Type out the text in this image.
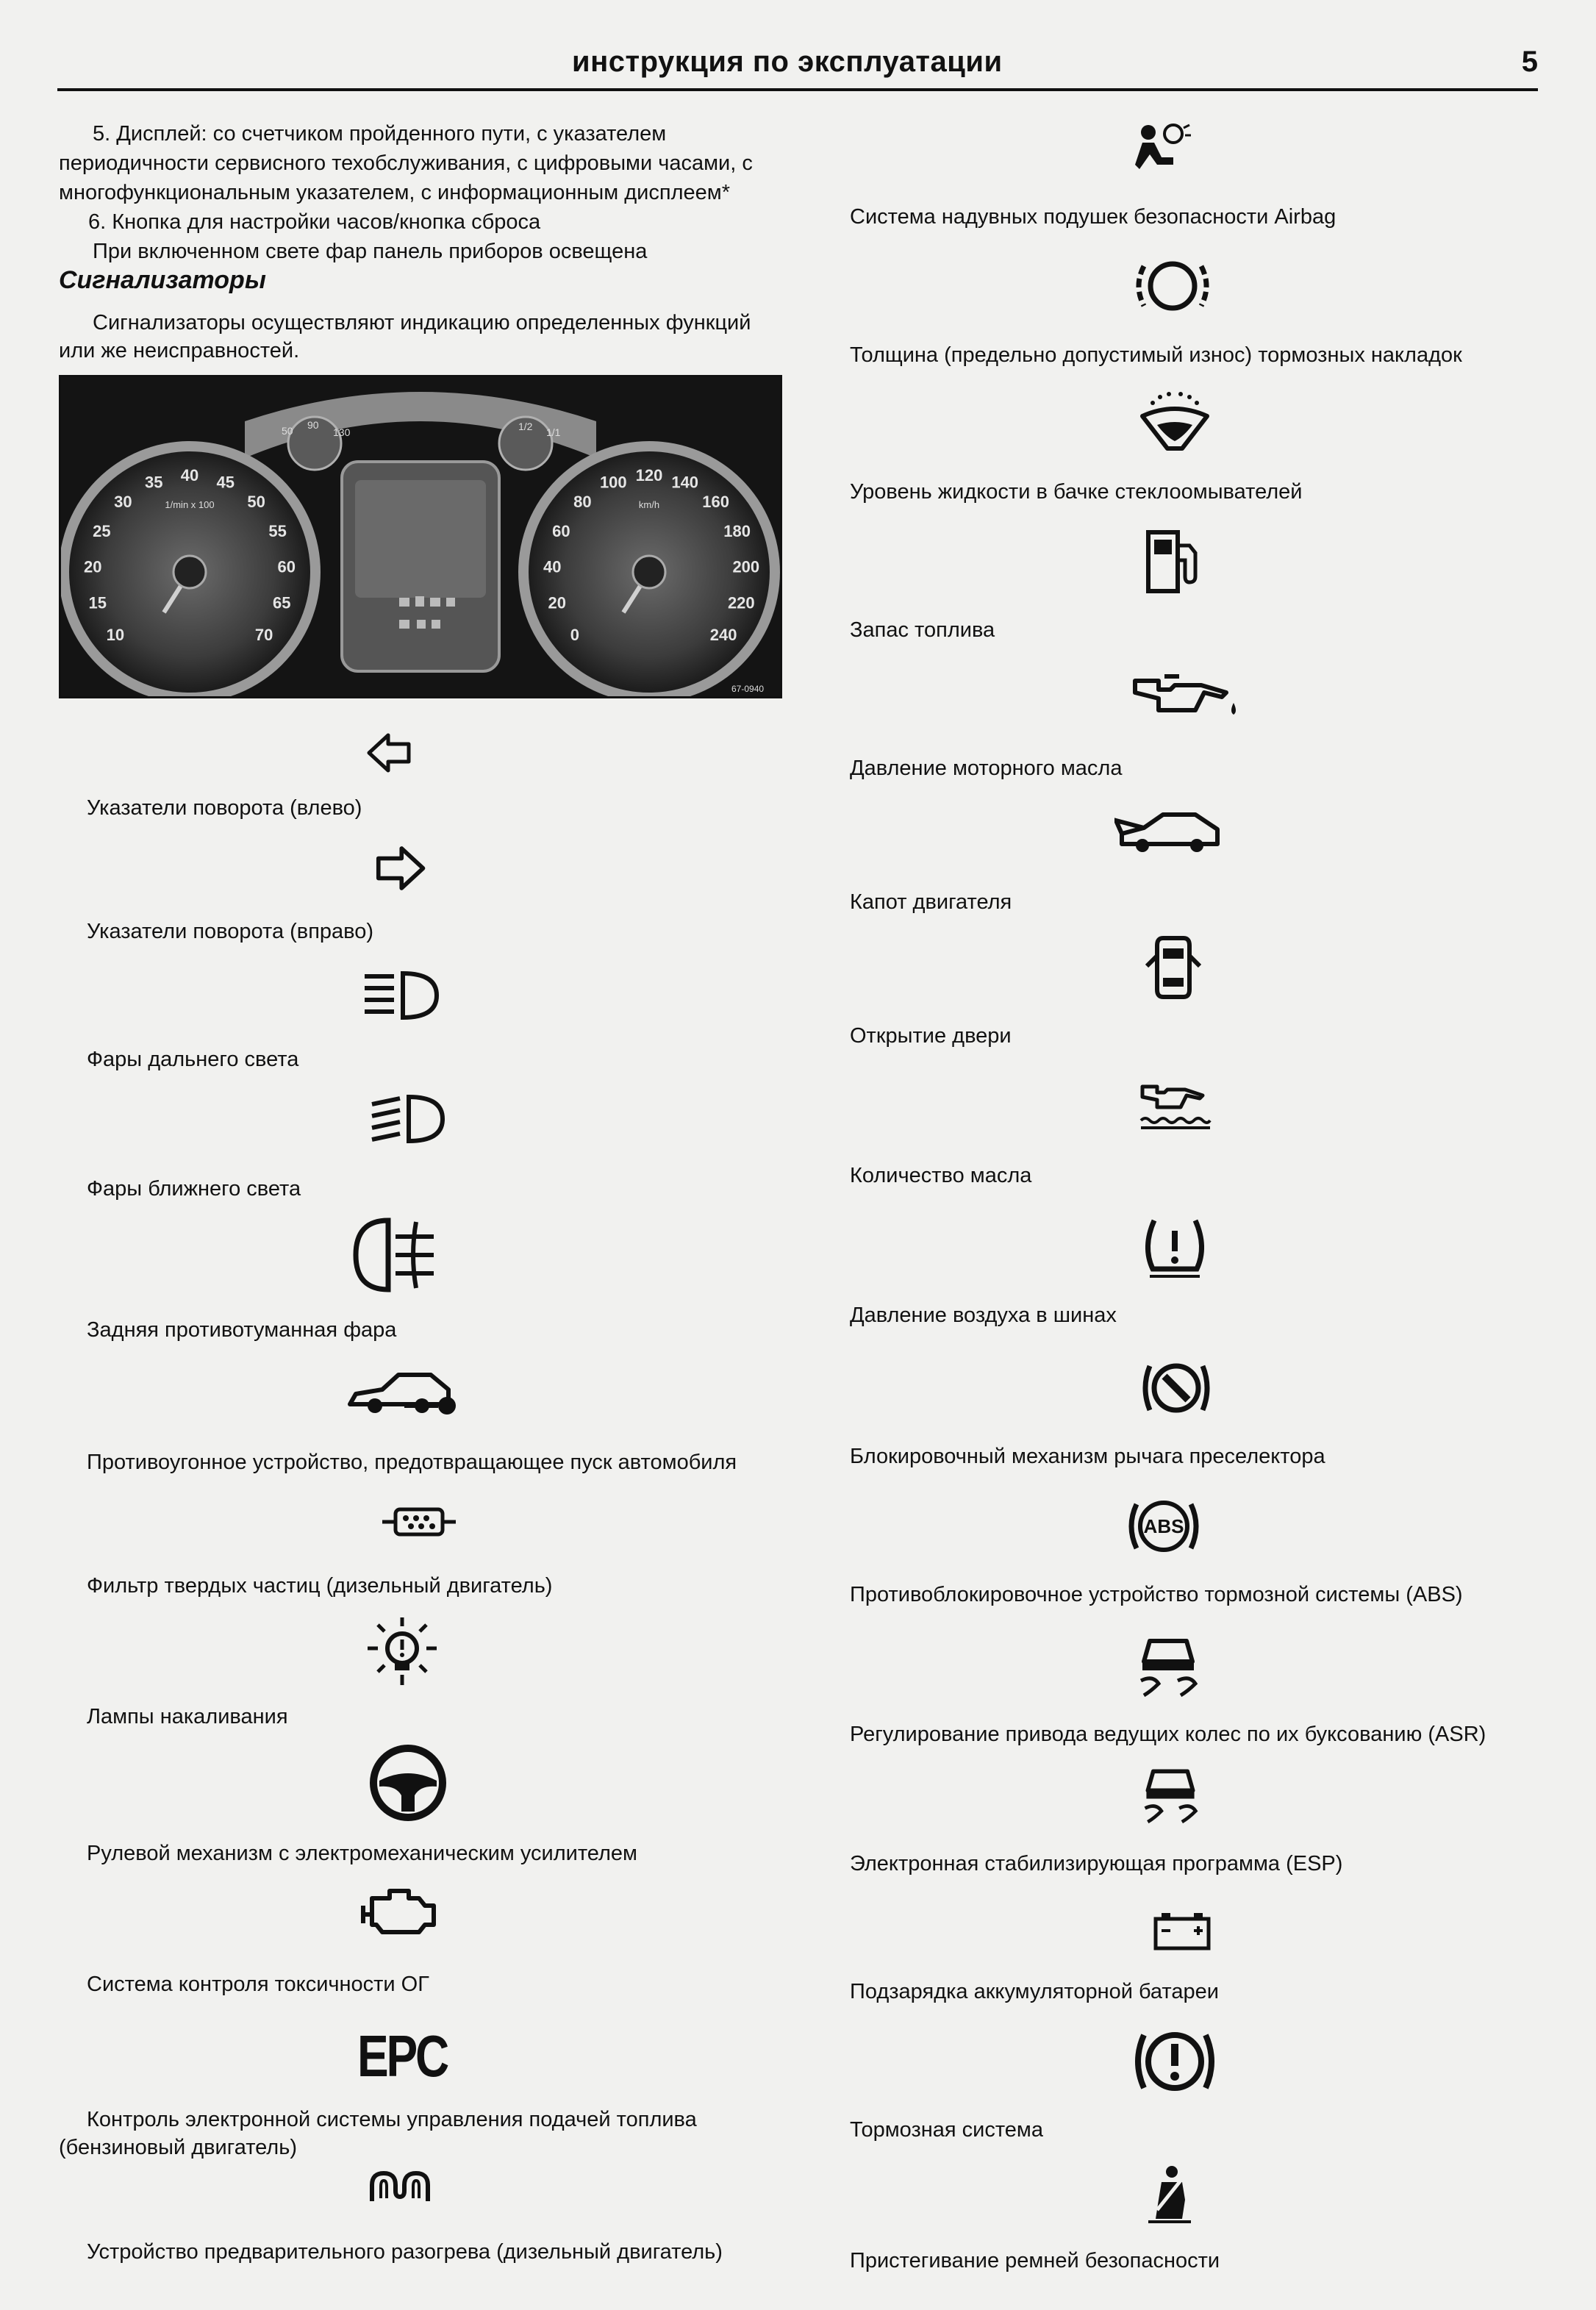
инструкция по эксплуатации	5

5. Дисплей: со счетчиком пройденного пути, с указателем периодичности сервисного техобслуживания, с цифровыми часами, с многофункциональным указателем, с информационным дисплеем*

6. Кнопка для настройки часов/кнопка сброса

При включенном свете фар панель приборов освещена

Сигнализаторы
Сигнализаторы осуществляют индикацию определенных функций или же неисправностей.
10
15
20
25
30
35 40 45
50
55
60
65
70	0
20
40
60
80
100 120 140
160
180
200
220
240
1/min x 100	km/h
50 90
130	1/2 1/1
67-0940
Указатели поворота (влево)
Указатели поворота (вправо)
Фары дальнего света
Фары ближнего света
Задняя противотуманная фара
Противоугонное устройство, предотвращающее пуск автомобиля
Фильтр твердых частиц (дизельный двигатель)
Лампы накаливания
Рулевой механизм с электромеханическим усилителем
Система контроля токсичности ОГ
EPC
Контроль электронной системы управления подачей топлива (бензиновый двигатель)
Устройство предварительного разогрева (дизельный двигатель)
Система надувных подушек безопасности Airbag
Толщина (предельно допустимый износ) тормозных накладок
Уровень жидкости в бачке стеклоомывателей
Запас топлива
Давление моторного масла
Капот двигателя
Открытие двери
Количество масла
Давление воздуха в шинах
Блокировочный механизм рычага преселектора
ABS
Противоблокировочное устройство тормозной системы (ABS)
Регулирование привода ведущих колес по их буксованию (ASR)
Электронная стабилизирующая программа (ESP)
Подзарядка аккумуляторной батареи
Тормозная система
Пристегивание ремней безопасности
